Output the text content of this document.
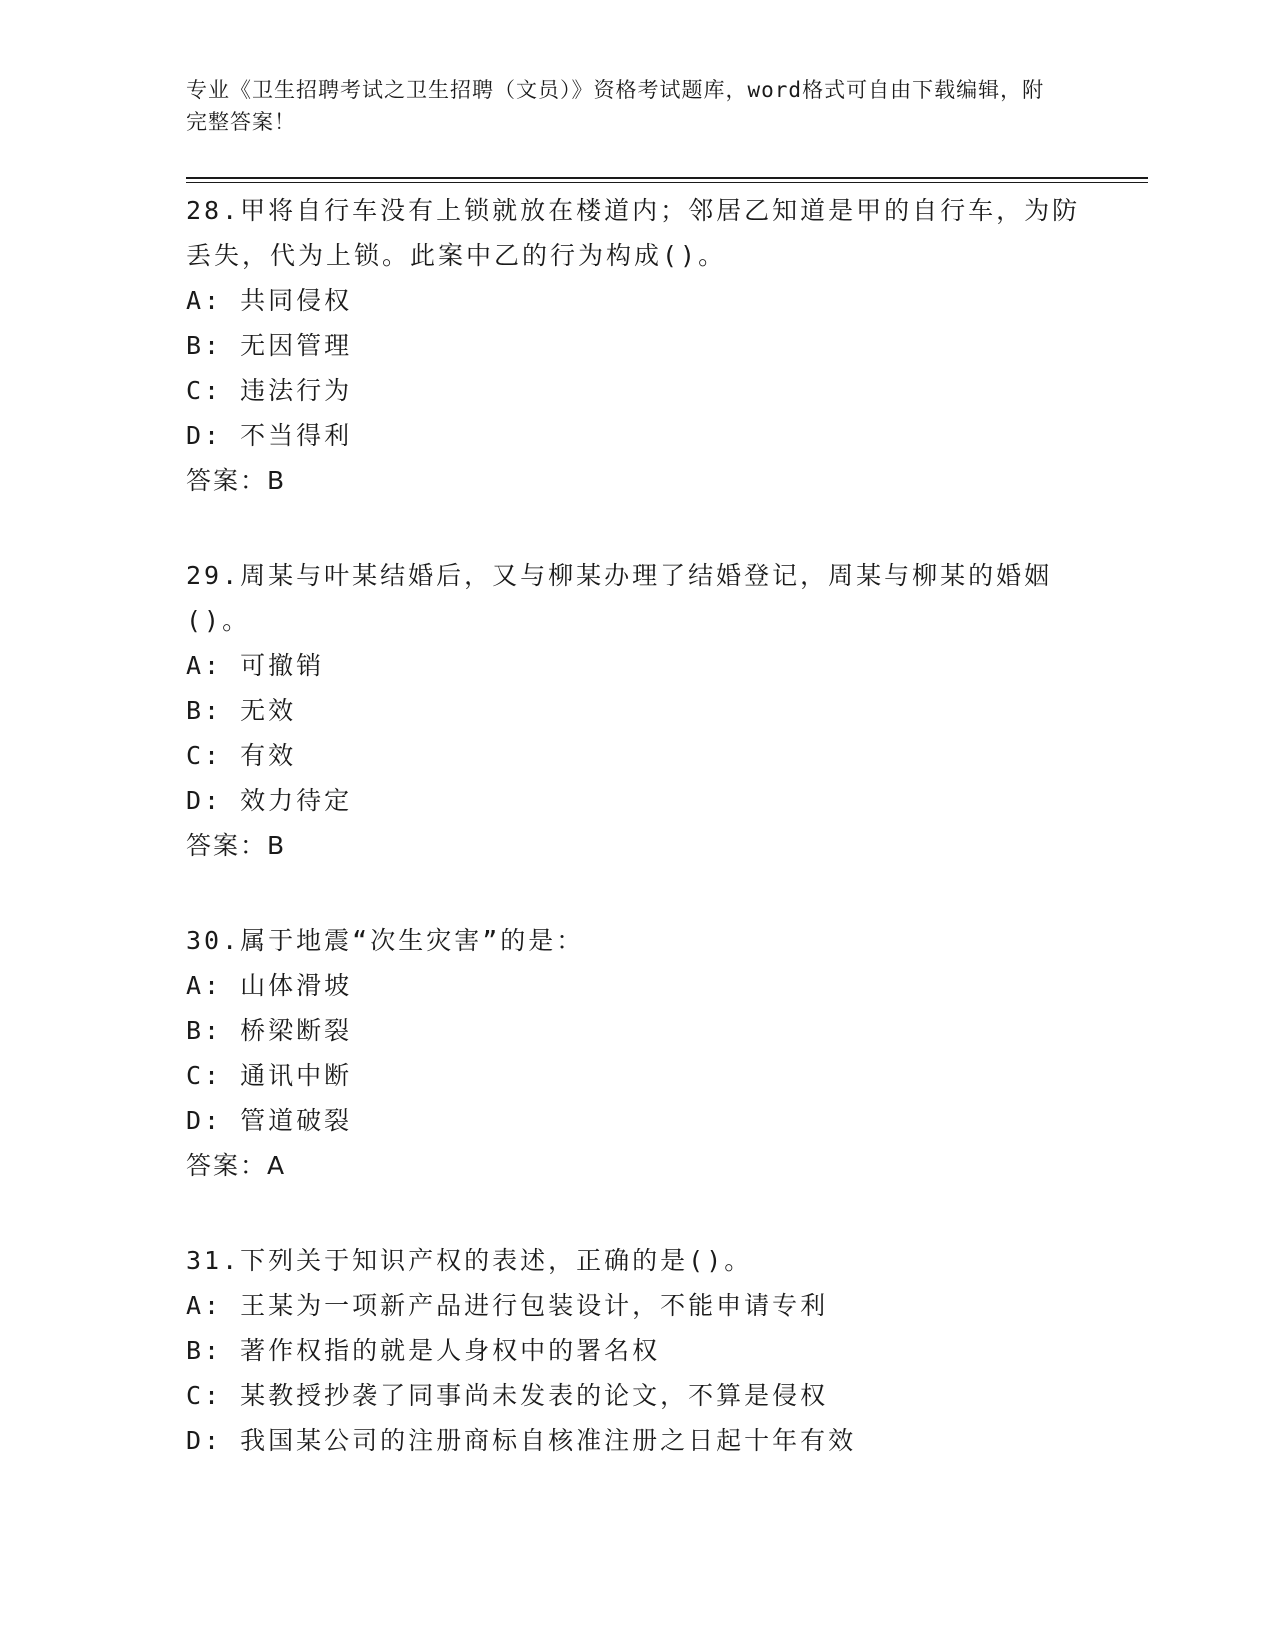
专业《卫生招聘考试之卫生招聘（文员）》资格考试题库，word格式可自由下载编辑，附完整答案！

28.甲将自行车没有上锁就放在楼道内；邻居乙知道是甲的自行车，为防丢失，代为上锁。此案中乙的行为构成()。

A: 共同侵权

B: 无因管理

C: 违法行为

D: 不当得利

答案：B

29.周某与叶某结婚后，又与柳某办理了结婚登记，周某与柳某的婚姻()。

A: 可撤销

B: 无效

C: 有效

D: 效力待定

答案：B

30.属于地震“次生灾害”的是：

A: 山体滑坡

B: 桥梁断裂

C: 通讯中断

D: 管道破裂

答案：A

31.下列关于知识产权的表述，正确的是()。

A: 王某为一项新产品进行包装设计，不能申请专利

B: 著作权指的就是人身权中的署名权

C: 某教授抄袭了同事尚未发表的论文，不算是侵权

D: 我国某公司的注册商标自核准注册之日起十年有效
